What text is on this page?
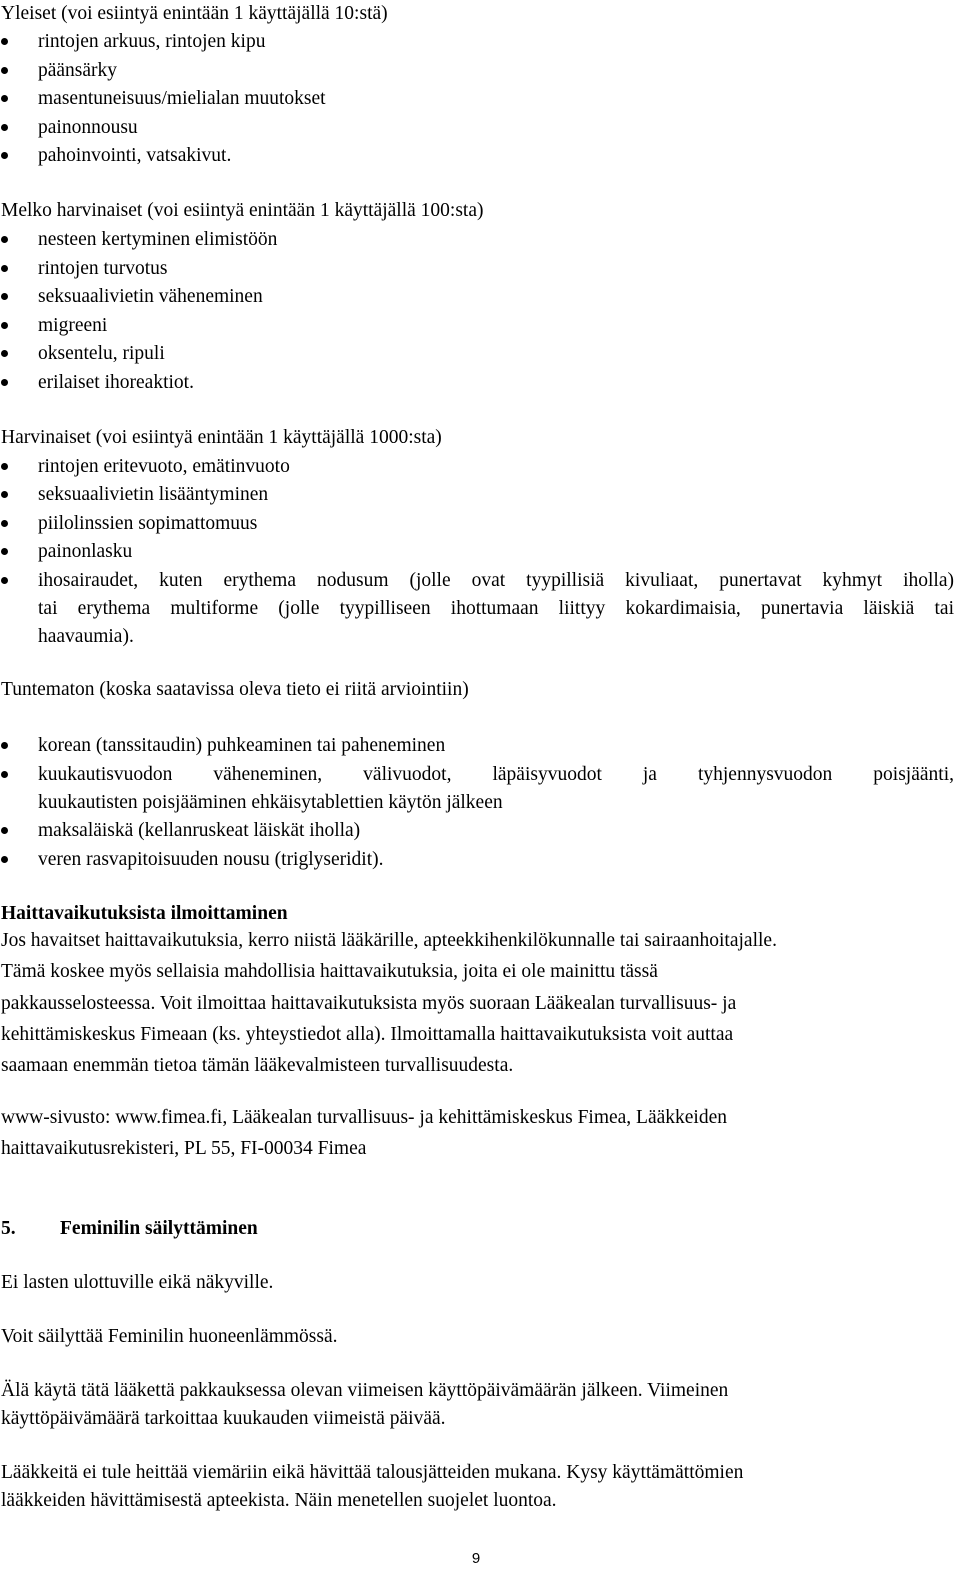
Yleiset (voi esiintyä enintään 1 käyttäjällä 10:stä)
rintojen arkuus, rintojen kipu
päänsärky
masentuneisuus/mielialan muutokset
painonnousu
pahoinvointi, vatsakivut.
Melko harvinaiset (voi esiintyä enintään 1 käyttäjällä 100:sta)
nesteen kertyminen elimistöön
rintojen turvotus
seksuaalivietin väheneminen
migreeni
oksentelu, ripuli
erilaiset ihoreaktiot.
Harvinaiset (voi esiintyä enintään 1 käyttäjällä 1000:sta)
rintojen eritevuoto, emätinvuoto
seksuaalivietin lisääntyminen
piilolinssien sopimattomuus
painonlasku
ihosairaudet, kuten erythema nodusum (jolle ovat tyypillisiä kivuliaat, punertavat kyhmyt iholla)
tai erythema multiforme (jolle tyypilliseen ihottumaan liittyy kokardimaisia, punertavia läiskiä tai
haavaumia).
Tuntematon (koska saatavissa oleva tieto ei riitä arviointiin)
korean (tanssitaudin) puhkeaminen tai paheneminen
kuukautisvuodon väheneminen, välivuodot, läpäisyvuodot ja tyhjennysvuodon poisjäänti,
kuukautisten poisjääminen ehkäisytablettien käytön jälkeen
maksaläiskä (kellanruskeat läiskät iholla)
veren rasvapitoisuuden nousu (triglyseridit).
Haittavaikutuksista ilmoittaminen
Jos havaitset haittavaikutuksia, kerro niistä lääkärille, apteekkihenkilökunnalle tai sairaanhoitajalle.
Tämä koskee myös sellaisia mahdollisia haittavaikutuksia, joita ei ole mainittu tässä
pakkausselosteessa. Voit ilmoittaa haittavaikutuksista myös suoraan Lääkealan turvallisuus- ja
kehittämiskeskus Fimeaan (ks. yhteystiedot alla). Ilmoittamalla haittavaikutuksista voit auttaa
saamaan enemmän tietoa tämän lääkevalmisteen turvallisuudesta.
www-sivusto: www.fimea.fi, Lääkealan turvallisuus- ja kehittämiskeskus Fimea, Lääkkeiden
haittavaikutusrekisteri, PL 55, FI-00034 Fimea
5. Feminilin säilyttäminen
Ei lasten ulottuville eikä näkyville.
Voit säilyttää Feminilin huoneenlämmössä.
Älä käytä tätä lääkettä pakkauksessa olevan viimeisen käyttöpäivämäärän jälkeen. Viimeinen
käyttöpäivämäärä tarkoittaa kuukauden viimeistä päivää.
Lääkkeitä ei tule heittää viemäriin eikä hävittää talousjätteiden mukana. Kysy käyttämättömien
lääkkeiden hävittämisestä apteekista. Näin menetellen suojelet luontoa.
9
